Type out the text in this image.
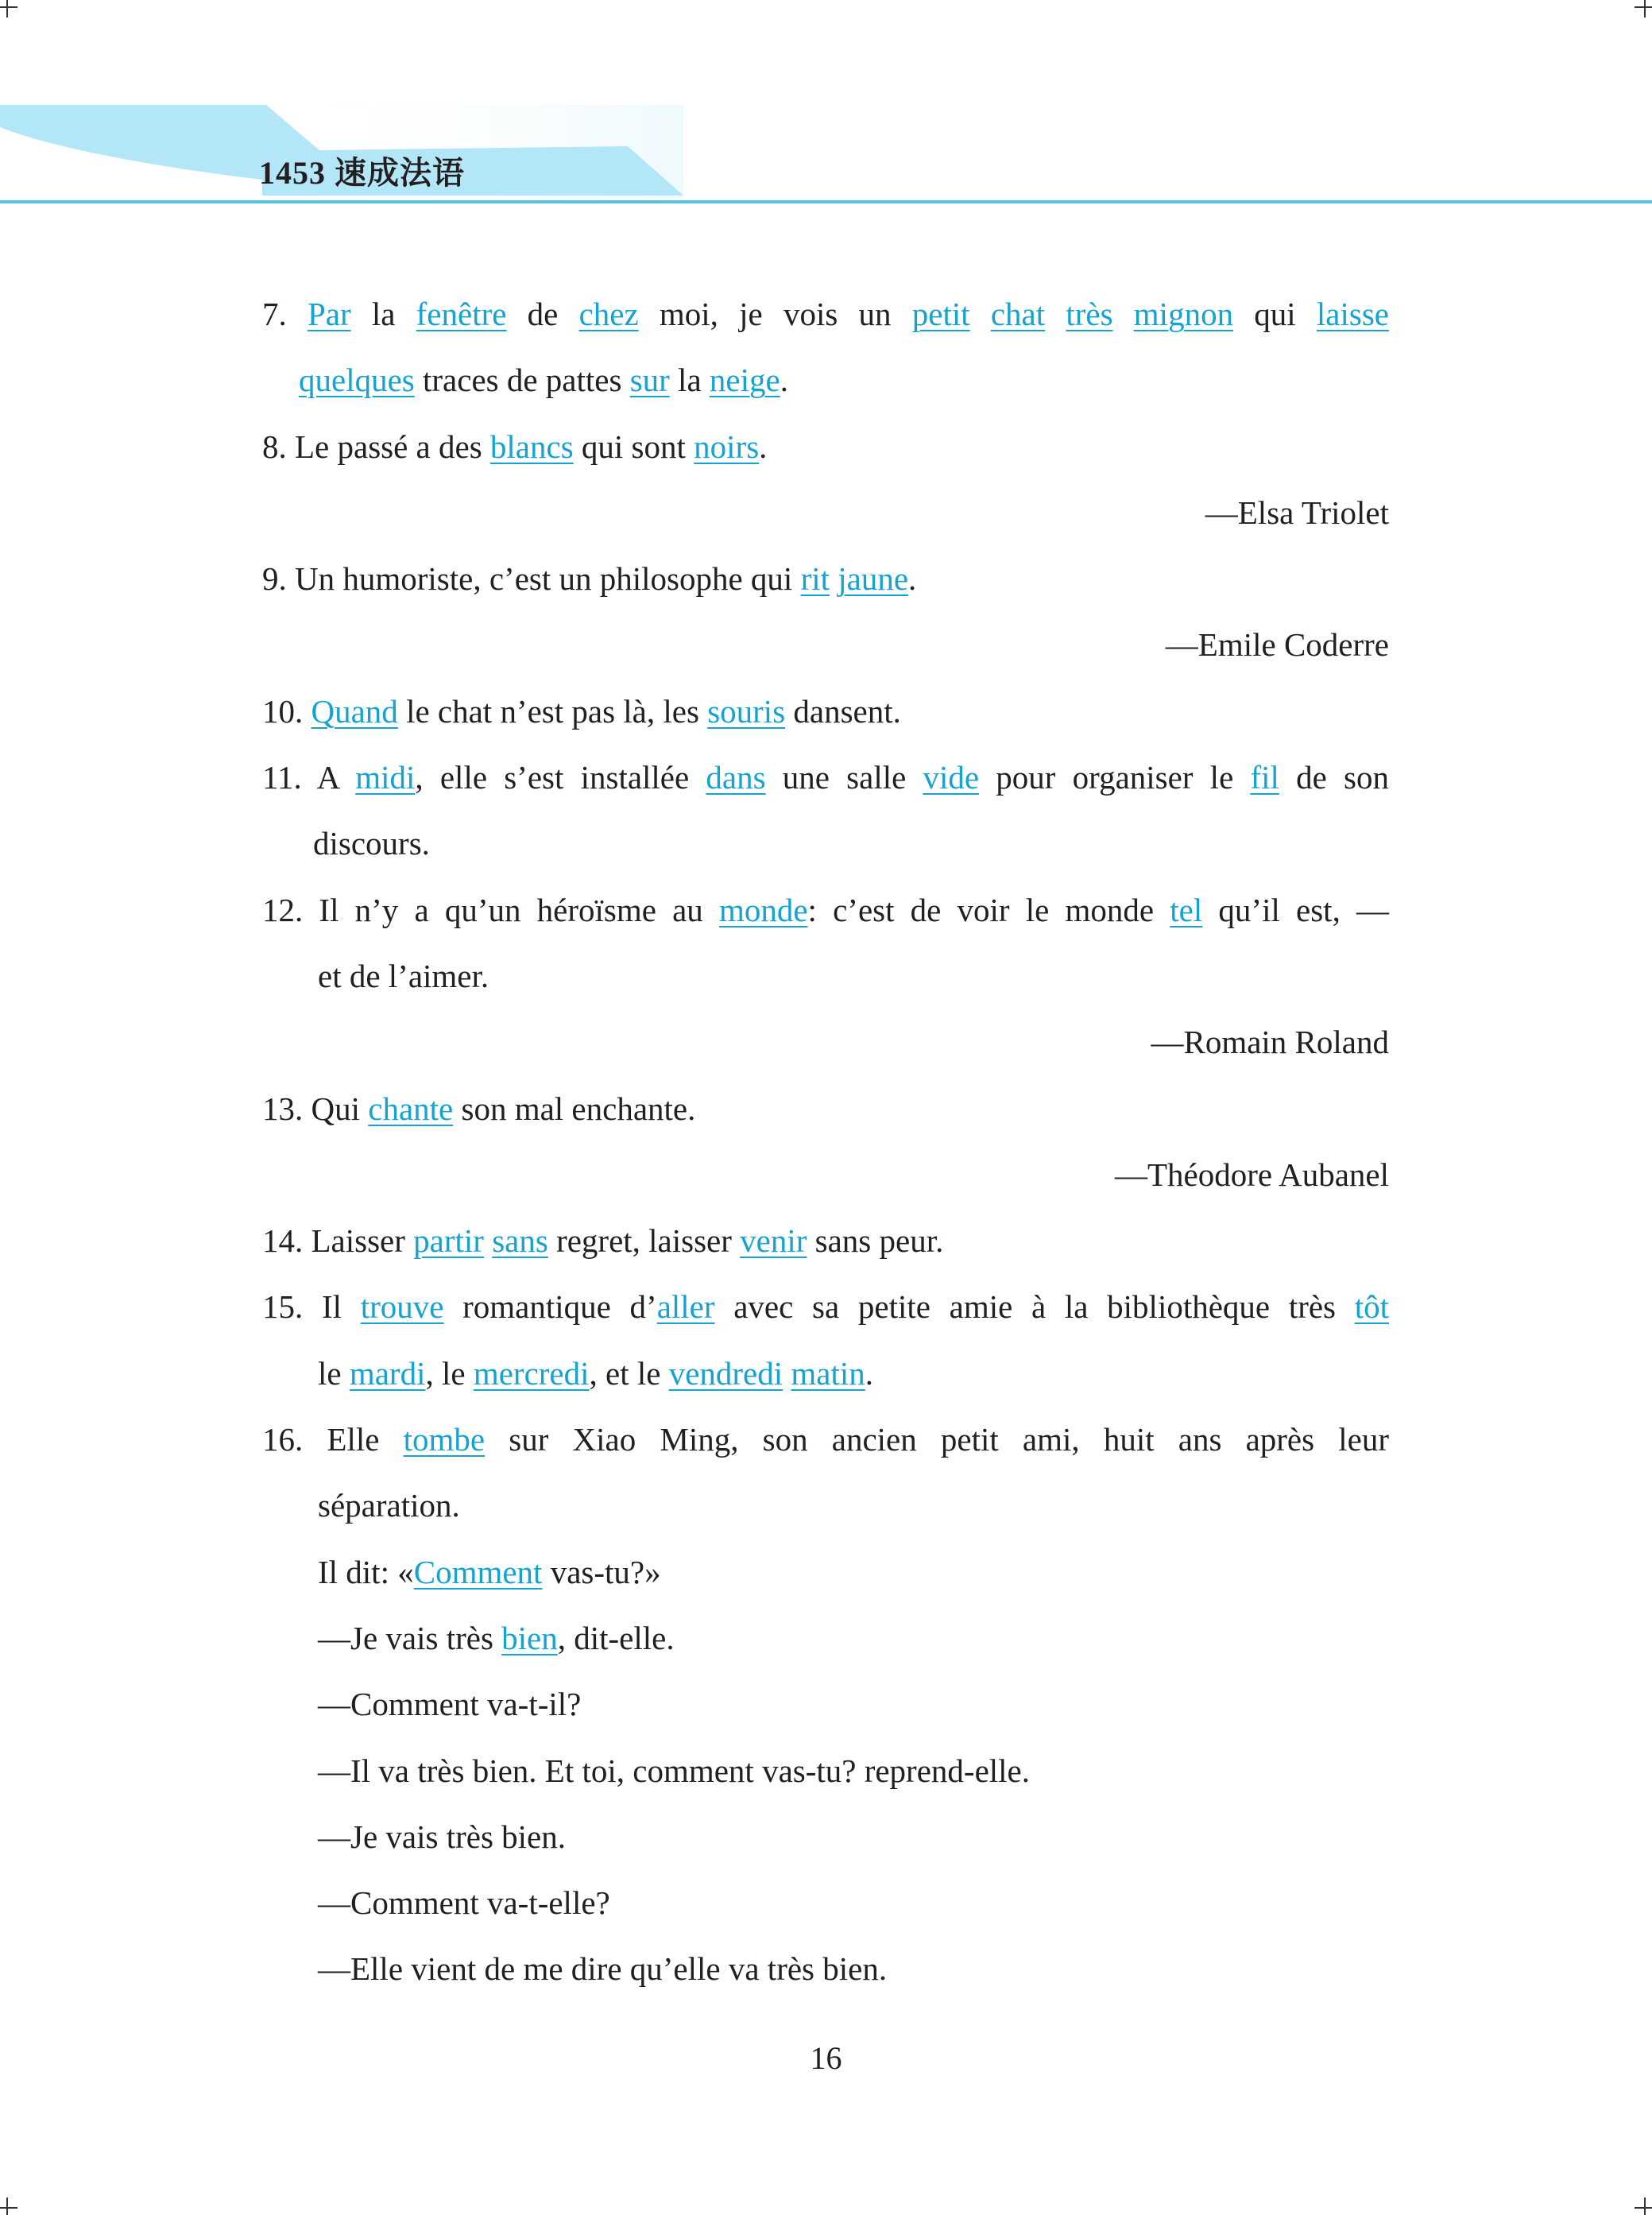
1453 速成法语
7. Par la fenêtre de chez moi, je vois un petit chat très mignon qui laisse
quelques traces de pattes sur la neige.
8. Le passé a des blancs qui sont noirs.
—Elsa Triolet
9. Un humoriste, c’est un philosophe qui rit jaune.
—Emile Coderre
10. Quand le chat n’est pas là, les souris dansent.
11. A midi, elle s’est installée dans une salle vide pour organiser le fil de son
discours.
12. Il n’y a qu’un héroïsme au monde: c’est de voir le monde tel qu’il est, —
et de l’aimer.
—Romain Roland
13. Qui chante son mal enchante.
—Théodore Aubanel
14. Laisser partir sans regret, laisser venir sans peur.
15. Il trouve romantique d’aller avec sa petite amie à la bibliothèque très tôt
le mardi, le mercredi, et le vendredi matin.
16. Elle tombe sur Xiao Ming, son ancien petit ami, huit ans après leur
séparation.
Il dit: «Comment vas-tu?»
—Je vais très bien, dit-elle.
—Comment va-t-il?
—Il va très bien. Et toi, comment vas-tu? reprend-elle.
—Je vais très bien.
—Comment va-t-elle?
—Elle vient de me dire qu’elle va très bien.
16
